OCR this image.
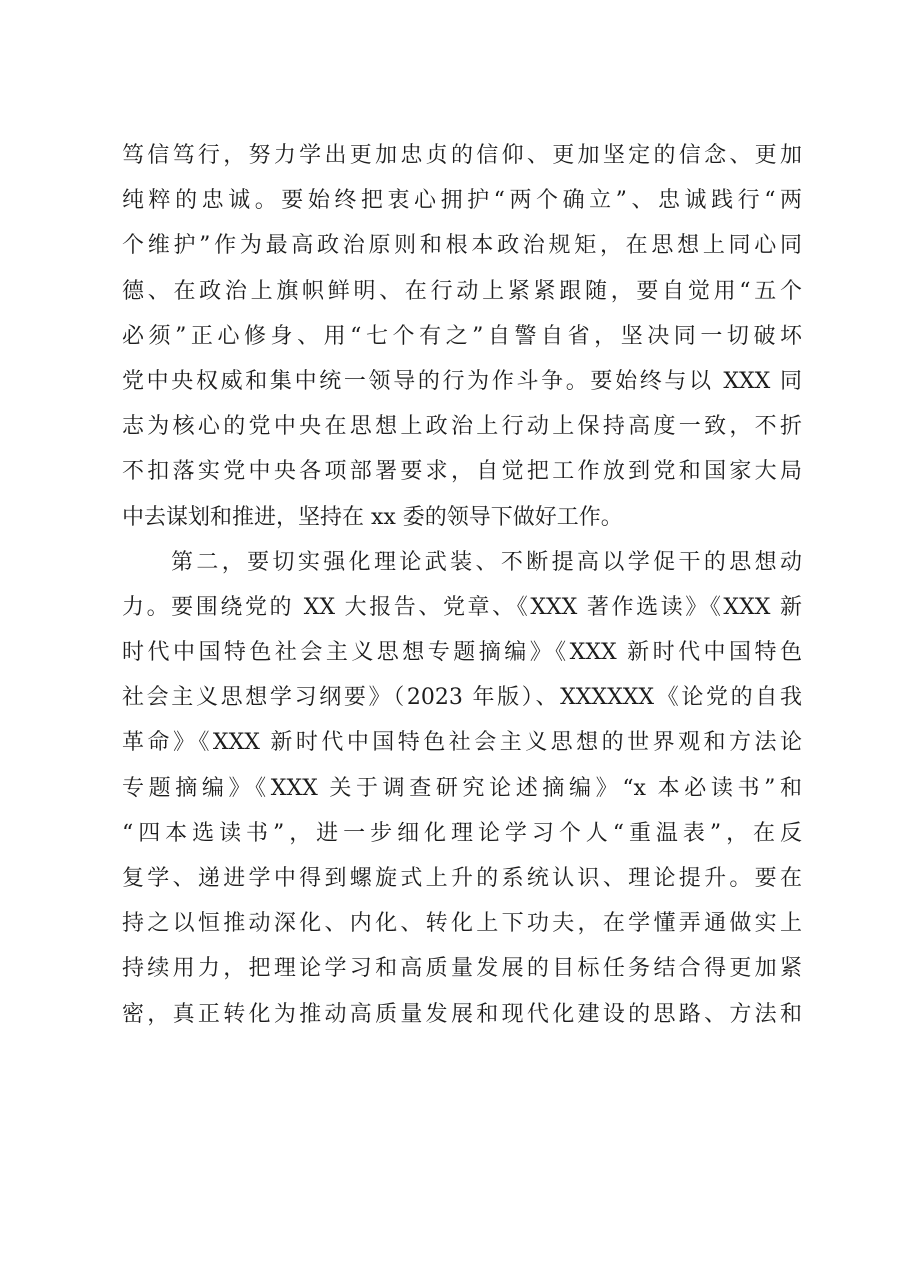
笃信笃行，努力学出更加忠贞的信仰、更加坚定的信念、更加
纯粹的忠诚。要始终把衷心拥护“两个确立”、忠诚践行“两
个维护”作为最高政治原则和根本政治规矩，在思想上同心同
德、在政治上旗帜鲜明、在行动上紧紧跟随，要自觉用“五个
必须”正心修身、用“七个有之”自警自省，坚决同一切破坏
党中央权威和集中统一领导的行为作斗争。要始终与以 XXX 同
志为核心的党中央在思想上政治上行动上保持高度一致，不折
不扣落实党中央各项部署要求，自觉把工作放到党和国家大局
中去谋划和推进，坚持在 xx 委的领导下做好工作。
第二，要切实强化理论武装、不断提高以学促干的思想动
力。要围绕党的 XX 大报告、党章、《XXX 著作选读》《XXX 新
时代中国特色社会主义思想专题摘编》《XXX 新时代中国特色
社会主义思想学习纲要》（2023 年版）、XXXXXX《论党的自我
革命》《XXX 新时代中国特色社会主义思想的世界观和方法论
专题摘编》《XXX 关于调查研究论述摘编》“x 本必读书”和
“四本选读书”，进一步细化理论学习个人“重温表”，在反
复学、递进学中得到螺旋式上升的系统认识、理论提升。要在
持之以恒推动深化、内化、转化上下功夫，在学懂弄通做实上
持续用力，把理论学习和高质量发展的目标任务结合得更加紧
密，真正转化为推动高质量发展和现代化建设的思路、方法和
